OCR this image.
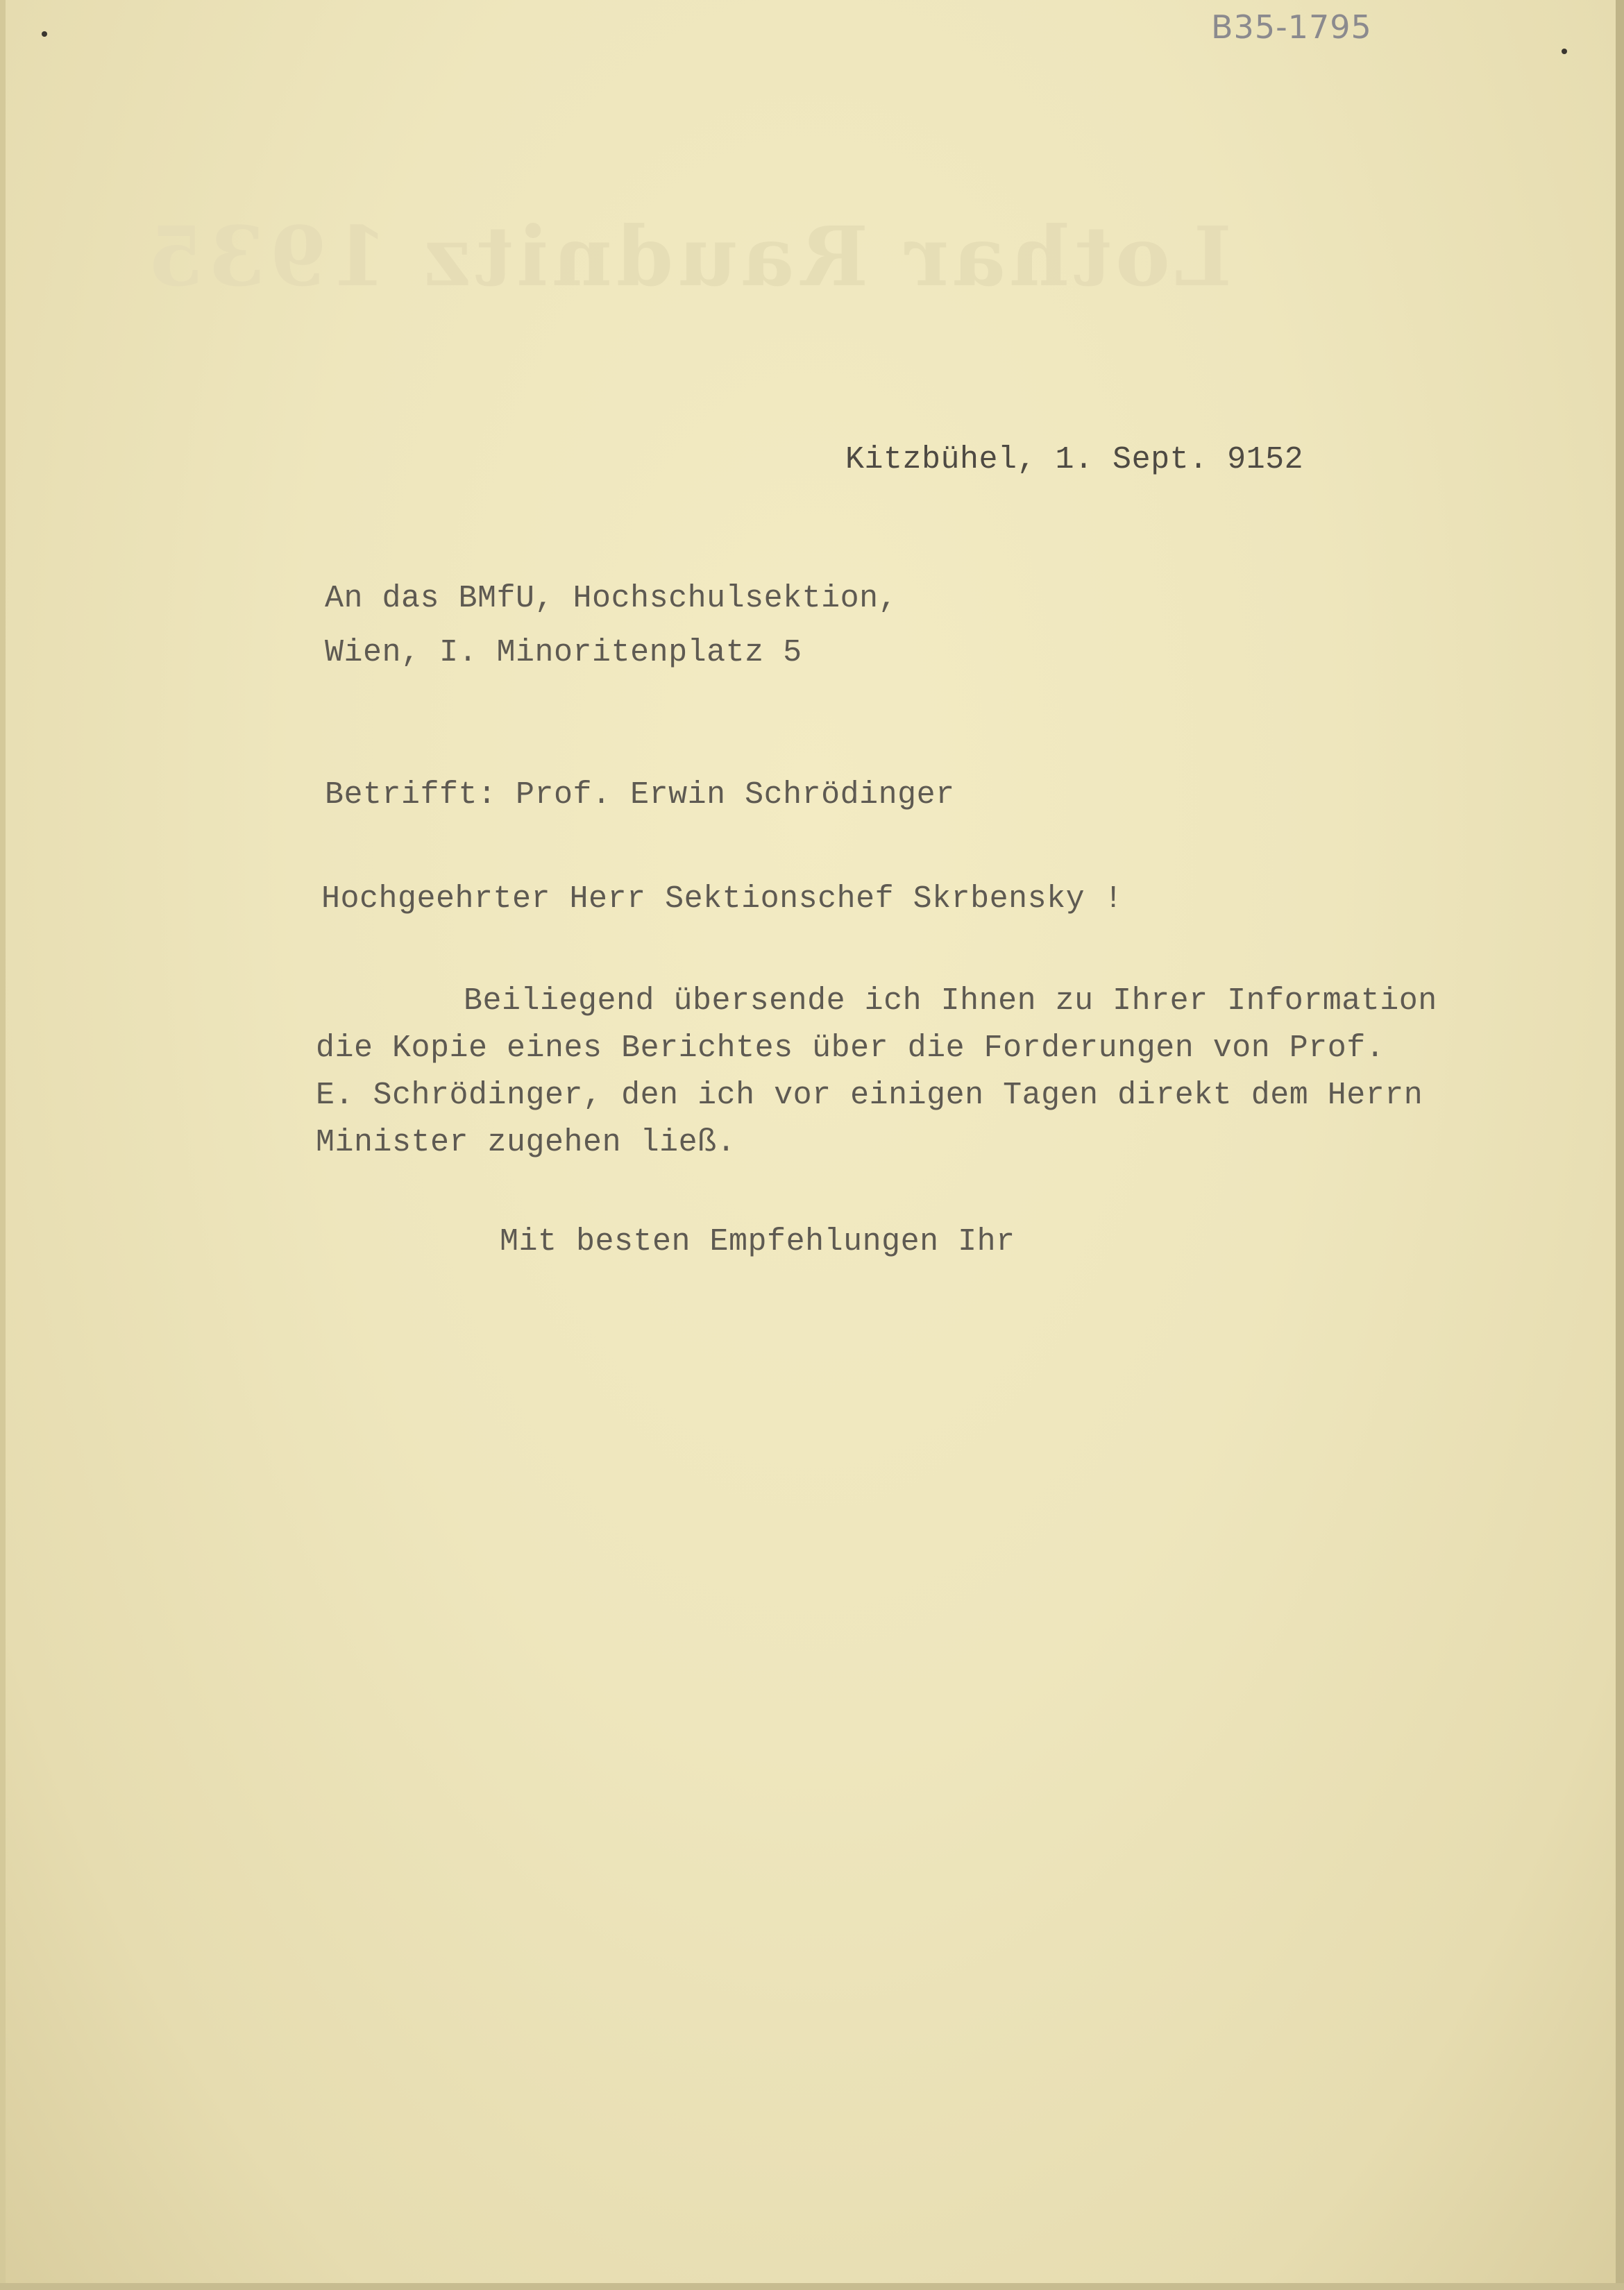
B35-1795
Lothar Raudnitz 1935
Kitzbühel, 1. Sept. 9152
An das BMfU, Hochschulsektion,
Wien, I. Minoritenplatz 5
Betrifft: Prof. Erwin Schrödinger
Hochgeehrter Herr Sektionschef Skrbensky !
Beiliegend übersende ich Ihnen zu Ihrer Information
die Kopie eines Berichtes über die Forderungen von Prof.
E. Schrödinger, den ich vor einigen Tagen direkt dem Herrn
Minister zugehen ließ.
Mit besten Empfehlungen Ihr
